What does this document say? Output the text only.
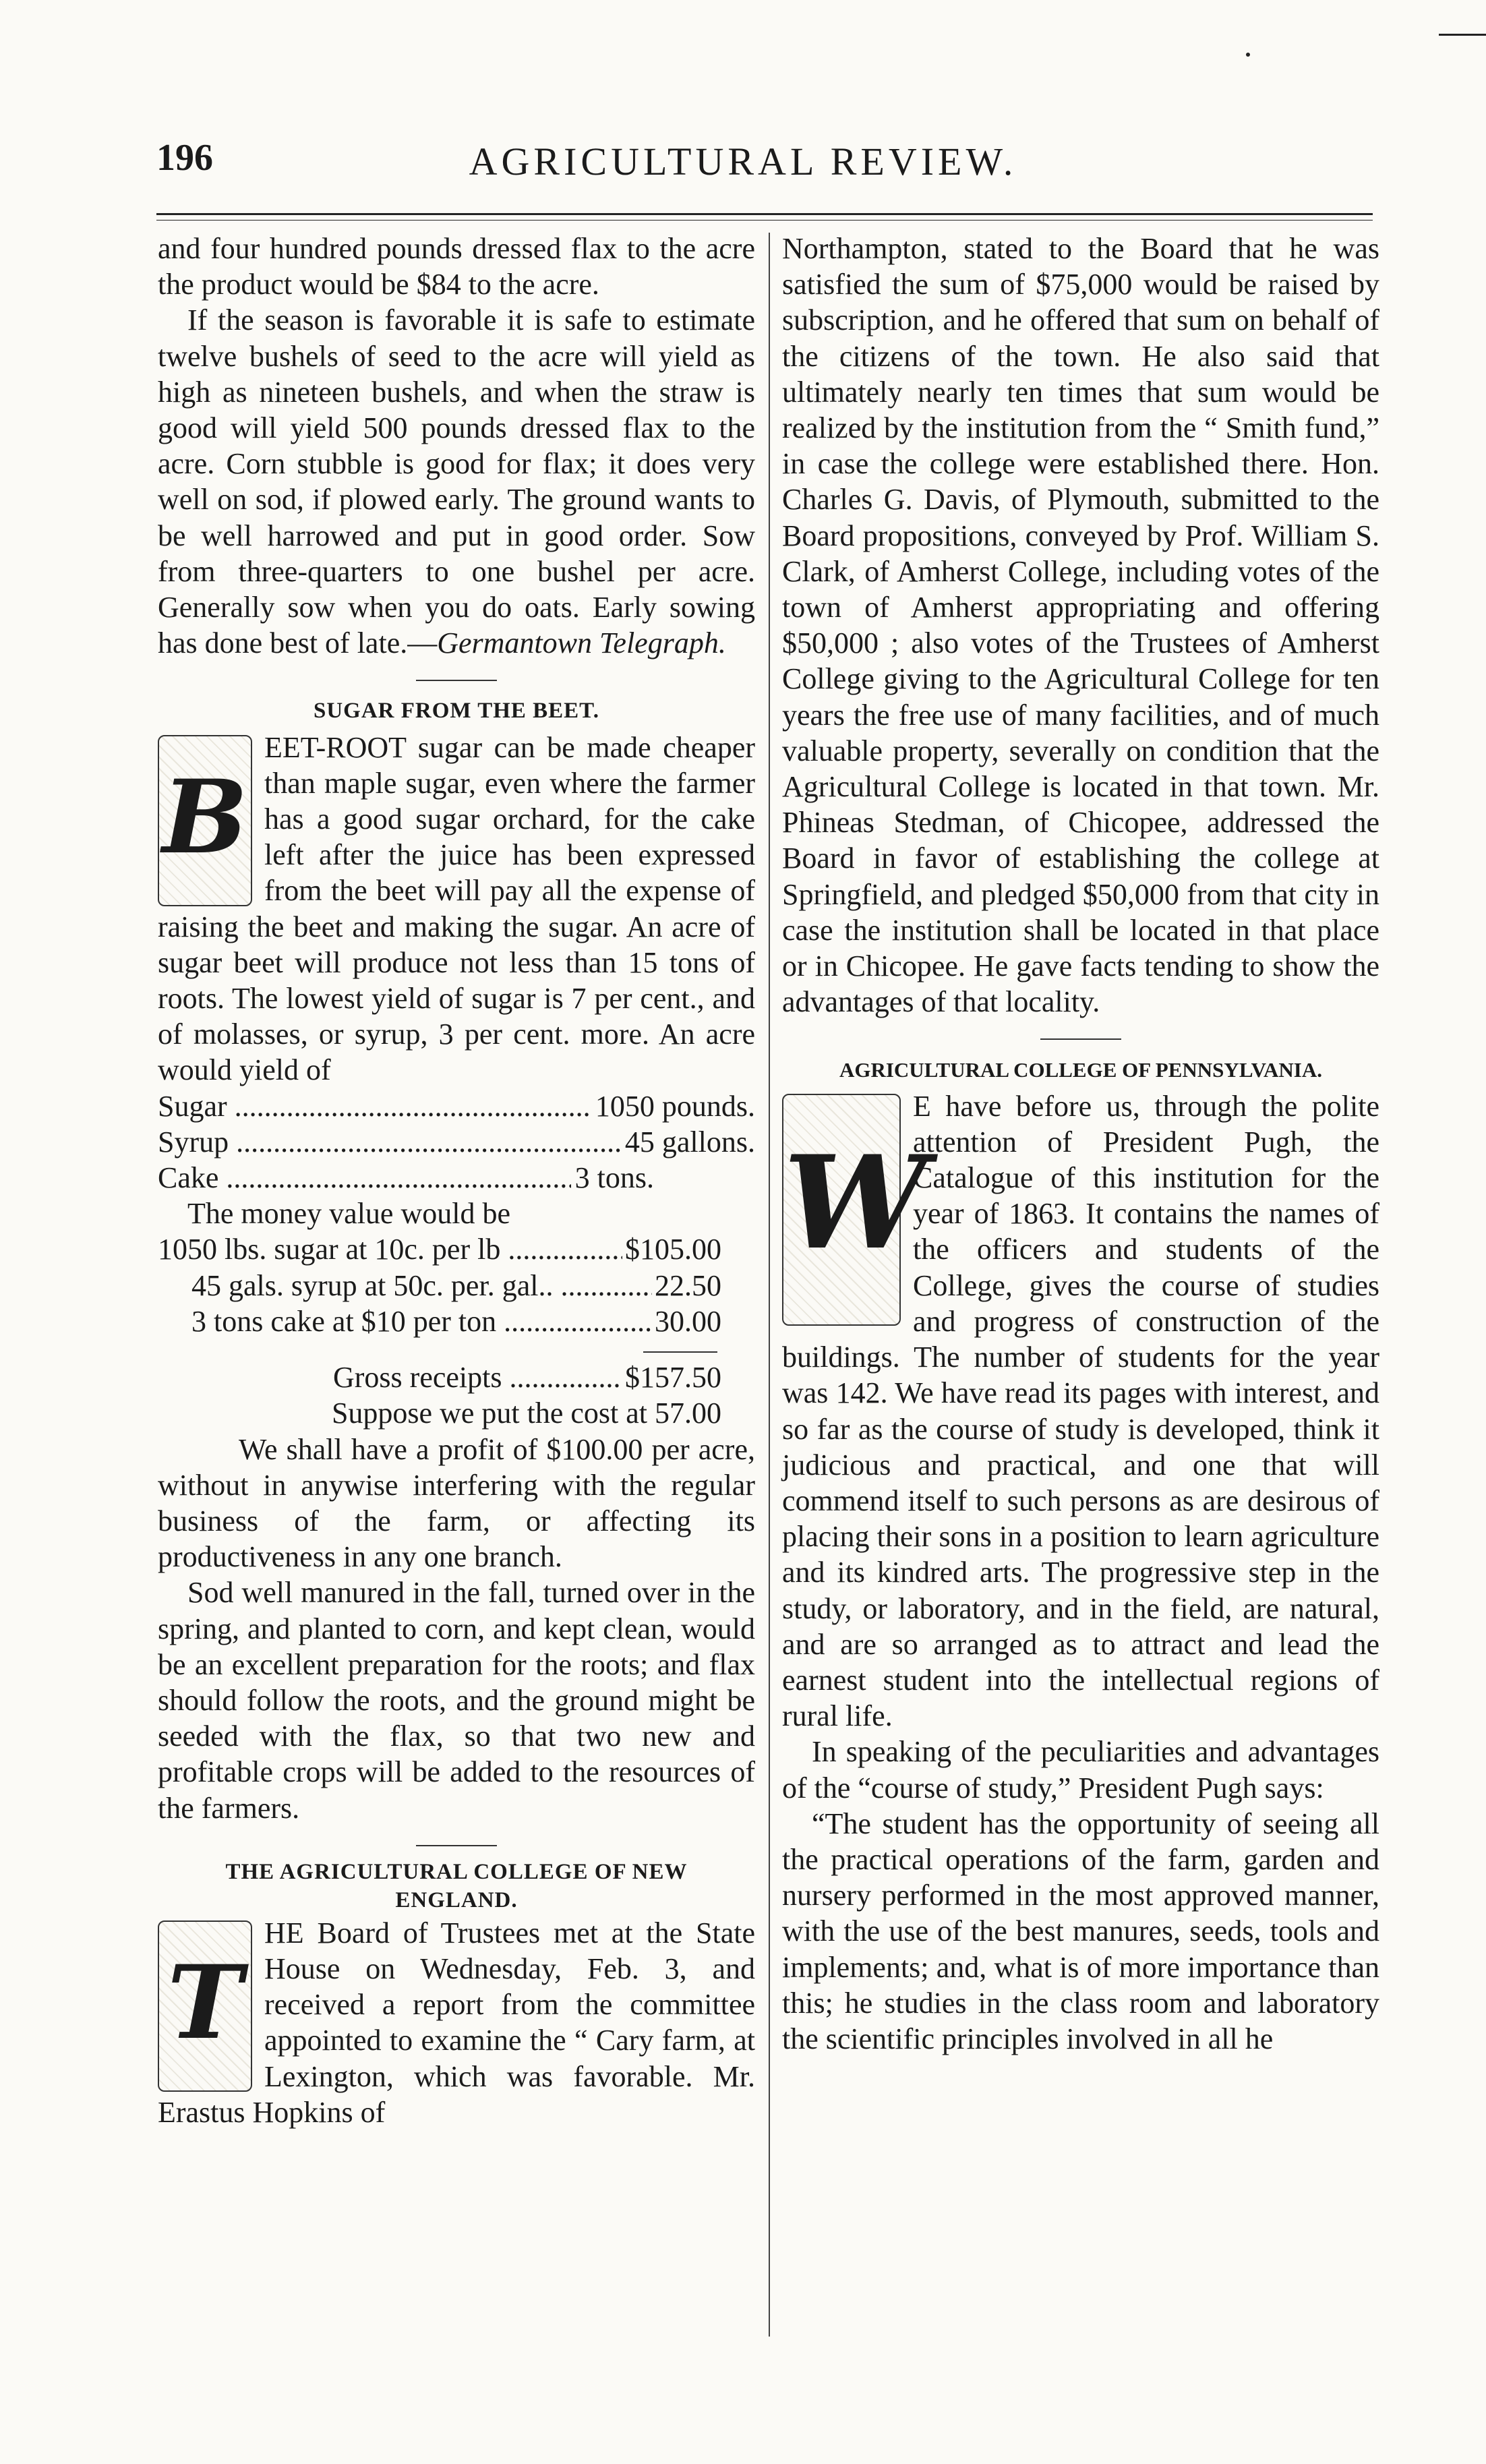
196	AGRICULTURAL REVIEW.

and four hundred pounds dressed flax to the acre the product would be $84 to the acre.

If the season is favorable it is safe to estimate twelve bushels of seed to the acre will yield as high as nineteen bushels, and when the straw is good will yield 500 pounds dressed flax to the acre. Corn stubble is good for flax; it does very well on sod, if plowed early. The ground wants to be well harrowed and put in good order. Sow from three-quarters to one bushel per acre. Generally sow when you do oats. Early sowing has done best of late.—Germantown Telegraph.

SUGAR FROM THE BEET.

B
EET-ROOT sugar can be made cheaper than maple sugar, even where the farmer has a good sugar orchard, for the cake left after the juice has been expressed from the beet will pay all the expense of raising the beet and making the sugar. An acre of sugar beet will produce not less than 15 tons of roots. The lowest yield of sugar is 7 per cent., and of molasses, or syrup, 3 per cent. more. An acre would yield of

Sugar .....	1050 pounds.
Syrup .....	45 gallons.
Cake .....	3 tons.

The money value would be

1050 lbs. sugar at 10c. per lb .....	$105.00
45 gals. syrup at 50c. per. gal.. .....	22.50
3 tons cake at $10 per ton .....	30.00
Gross receipts .....	$157.50

Suppose we put the cost at 57.00

We shall have a profit of $100.00 per acre, without in anywise interfering with the regular business of the farm, or affecting its productiveness in any one branch.

Sod well manured in the fall, turned over in the spring, and planted to corn, and kept clean, would be an excellent preparation for the roots; and flax should follow the roots, and the ground might be seeded with the flax, so that two new and profitable crops will be added to the resources of the farmers.

THE AGRICULTURAL COLLEGE OF NEW

ENGLAND.

T
HE Board of Trustees met at the State House on Wednesday, Feb. 3, and received a report from the committee appointed to examine the “ Cary farm, at Lexington, which was favorable. Mr. Erastus Hopkins of

Northampton, stated to the Board that he was satisfied the sum of $75,000 would be raised by subscription, and he offered that sum on behalf of the citizens of the town. He also said that ultimately nearly ten times that sum would be realized by the institution from the “ Smith fund,” in case the college were established there. Hon. Charles G. Davis, of Plymouth, submitted to the Board propositions, conveyed by Prof. William S. Clark, of Amherst College, including votes of the town of Amherst appropriating and offering $50,000 ; also votes of the Trustees of Amherst College giving to the Agricultural College for ten years the free use of many facilities, and of much valuable property, severally on condition that the Agricultural College is located in that town. Mr. Phineas Stedman, of Chicopee, addressed the Board in favor of establishing the college at Springfield, and pledged $50,000 from that city in case the institution shall be located in that place or in Chicopee. He gave facts tending to show the advantages of that locality.

AGRICULTURAL COLLEGE OF PENNSYLVANIA.

W
E have before us, through the polite attention of President Pugh, the Catalogue of this institution for the year of 1863. It contains the names of the officers and students of the College, gives the course of studies and progress of construction of the buildings. The number of students for the year was 142. We have read its pages with interest, and so far as the course of study is developed, think it judicious and practical, and one that will commend itself to such persons as are desirous of placing their sons in a position to learn agriculture and its kindred arts. The progressive step in the study, or laboratory, and in the field, are natural, and are so arranged as to attract and lead the earnest student into the intellectual regions of rural life.

In speaking of the peculiarities and advantages of the “course of study,” President Pugh says:

“The student has the opportunity of seeing all the practical operations of the farm, garden and nursery performed in the most approved manner, with the use of the best manures, seeds, tools and implements; and, what is of more importance than this; he studies in the class room and laboratory the scientific principles involved in all he
